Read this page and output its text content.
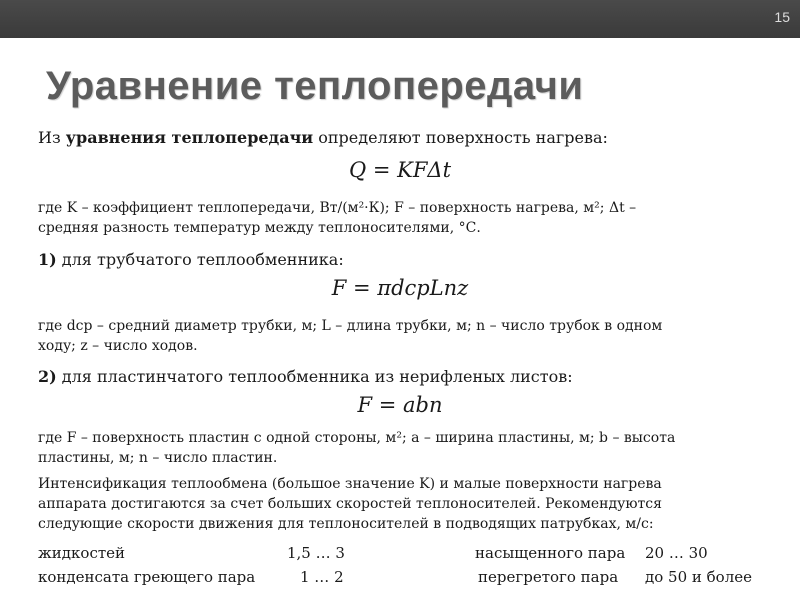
15
Уравнение теплопередачи
Из уравнения теплопередачи определяют поверхность нагрева:
Q = KFΔt
где K – коэффициент теплопередачи, Вт/(м²·К); F – поверхность нагрева, м²; Δt –
средняя разность температур между теплоносителями, °С.
1) для трубчатого теплообменника:
F = πdсрLnz
где dср – средний диаметр трубки, м; L – длина трубки, м; n – число трубок в одном
ходу; z – число ходов.
2) для пластинчатого теплообменника из нерифленых листов:
F = abn
где F – поверхность пластин с одной стороны, м²; a – ширина пластины, м; b – высота
пластины, м; n – число пластин.
Интенсификация теплообмена (большое значение K) и малые поверхности нагрева
аппарата достигаются за счет больших скоростей теплоносителей. Рекомендуются
следующие скорости движения для теплоносителей в подводящих патрубках, м/с:
жидкостей	1,5 … 3	насыщенного пара 20 … 30
конденсата греющего пара	1 … 2	перегретого пара до 50 и более
